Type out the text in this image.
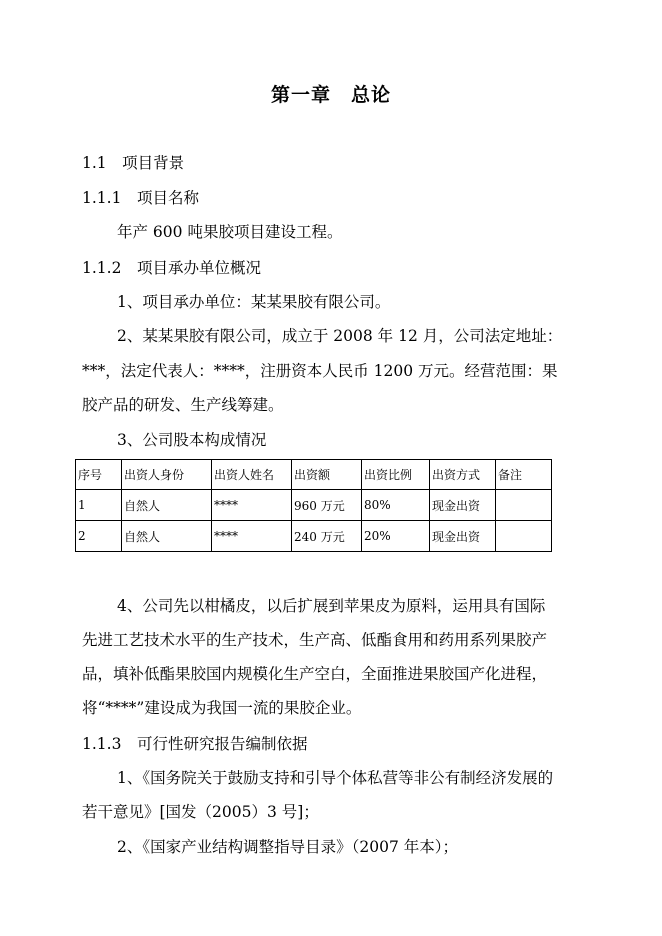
第一章　总论
1.1　项目背景
1.1.1　项目名称
年产 600 吨果胶项目建设工程。
1.1.2　项目承办单位概况
1、项目承办单位：某某果胶有限公司。
2、某某果胶有限公司，成立于 2008 年 12 月，公司法定地址：
***，法定代表人：****，注册资本人民币 1200 万元。经营范围：果
胶产品的研发、生产线筹建。
3、公司股本构成情况
序号	出资人身份	出资人姓名	出资额	出资比例	出资方式	备注
1	自然人	****	960 万元	80%	现金出资	
2	自然人	****	240 万元	20%	现金出资	
4、公司先以柑橘皮，以后扩展到苹果皮为原料，运用具有国际
先进工艺技术水平的生产技术，生产高、低酯食用和药用系列果胶产
品，填补低酯果胶国内规模化生产空白，全面推进果胶国产化进程，
将“****”建设成为我国一流的果胶企业。
1.1.3　可行性研究报告编制依据
1、《国务院关于鼓励支持和引导个体私营等非公有制经济发展的
若干意见》[国发（2005）3 号]；
2、《国家产业结构调整指导目录》（2007 年本）；
